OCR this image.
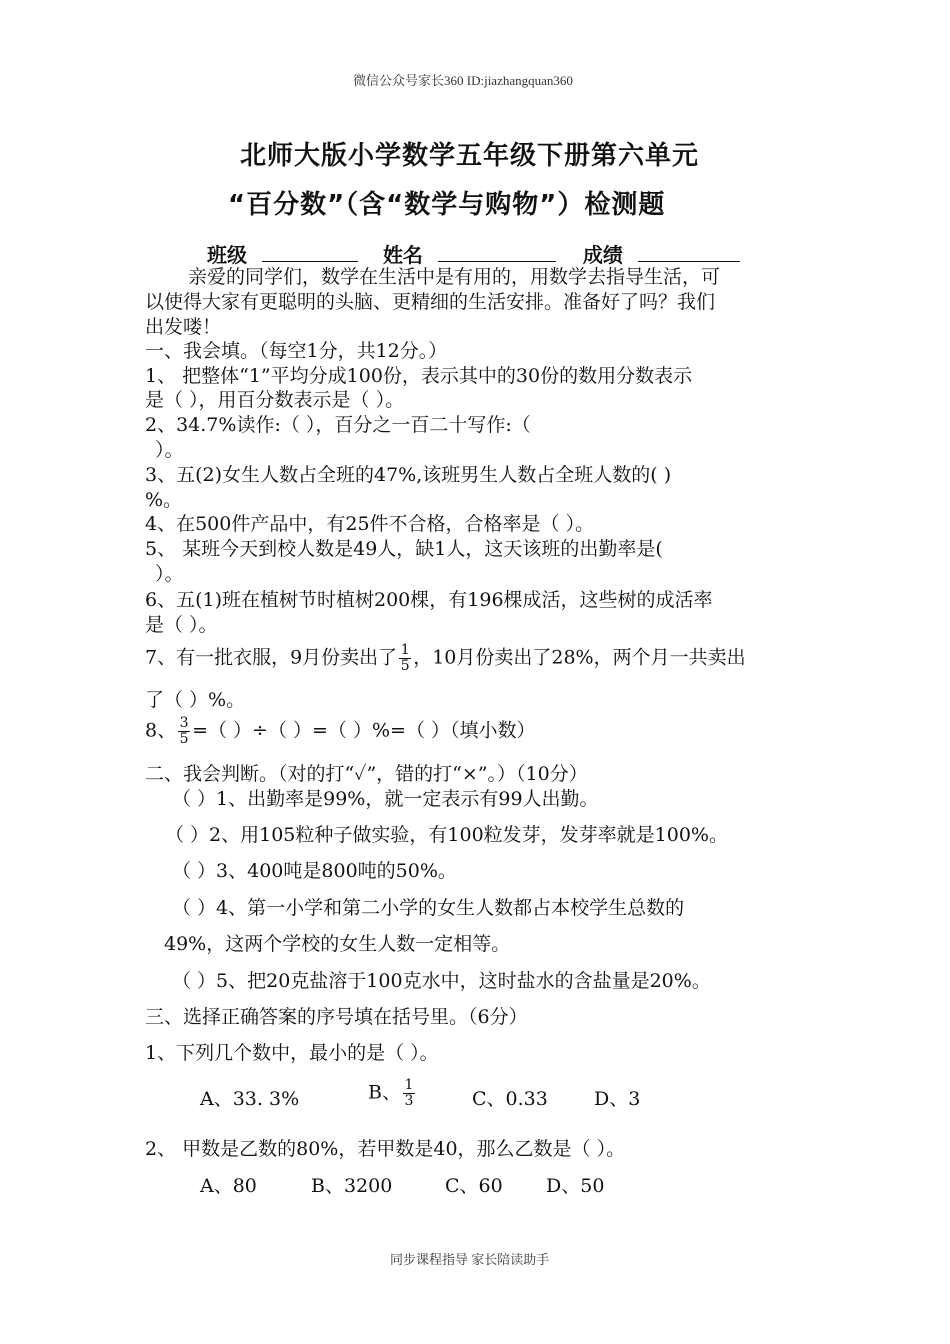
微信公众号家长360 ID:jiazhangquan360
北师大版小学数学五年级下册第六单元
“百分数”（含“数学与购物”）检测题
班级	姓名	成绩
亲爱的同学们，数学在生活中是有用的，用数学去指导生活，可
以使得大家有更聪明的头脑、更精细的生活安排。准备好了吗？我们
出发喽！
一、我会填。（每空1分，共12分。）
1、 把整体“1”平均分成100份，表示其中的30份的数用分数表示
是（ ），用百分数表示是（ ）。
2、34.7%读作:（ ），百分之一百二十写作:（
）。
3、五(2)女生人数占全班的47%,该班男生人数占全班人数的( )
%。
4、在500件产品中，有25件不合格，合格率是（ ）。
5、 某班今天到校人数是49人，缺1人，这天该班的出勤率是(
）。
6、五(1)班在植树节时植树200棵，有196棵成活，这些树的成活率
是（ ）。
7、有一批衣服，9月份卖出了 $\frac{1}{5}$ ，10月份卖出了28%，两个月一共卖出
了（ ）%。
8、 $\frac{3}{5}$ =（ ）÷（ ）=（ ）%=（ ）（填小数）
二、我会判断。（对的打“✓”，错的打“×”。）（10分）
（ ）1、出勤率是99%，就一定表示有99人出勤。
（ ）2、用105粒种子做实验，有100粒发芽，发芽率就是100%。
（ ）3、400吨是800吨的50%。
（ ）4、第一小学和第二小学的女生人数都占本校学生总数的
49%，这两个学校的女生人数一定相等。
（ ）5、把20克盐溶于100克水中，这时盐水的含盐量是20%。
三、选择正确答案的序号填在括号里。（6分）
1、下列几个数中，最小的是（ ）。
A、33. 3%	B、 $\frac{1}{3}$	C、0.33 D、3
2、 甲数是乙数的80%，若甲数是40，那么乙数是（ ）。
A、80	B、3200	C、60 D、50
同步课程指导 家长陪读助手
